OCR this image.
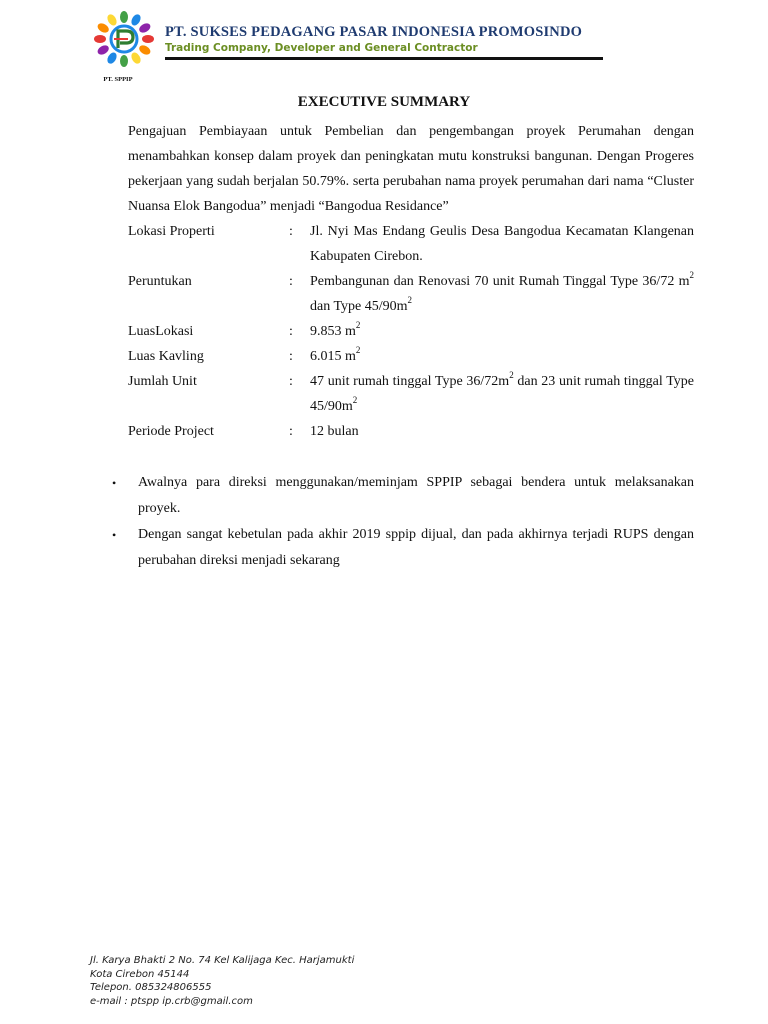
PT. SPPIP
PT. SUKSES PEDAGANG PASAR INDONESIA PROMOSINDO
Trading Company, Developer and General Contractor
EXECUTIVE SUMMARY

Pengajuan Pembiayaan untuk Pembelian dan pengembangan proyek Perumahan dengan menambahkan konsep dalam proyek dan peningkatan mutu konstruksi bangunan. Dengan Progeres pekerjaan yang sudah berjalan 50.79%. serta perubahan nama proyek perumahan dari nama “Cluster Nuansa Elok Bangodua” menjadi “Bangodua Residance”

Lokasi Properti	:	Jl. Nyi Mas Endang Geulis Desa Bangodua Kecamatan Klangenan Kabupaten Cirebon.
Peruntukan	:	Pembangunan dan Renovasi 70 unit Rumah Tinggal Type 36/72 $m^2$ dan Type $45/90m^2$
LuasLokasi	:	9.853 $m^2$
Luas Kavling	:	6.015 $m^2$
Jumlah Unit	:	47 unit rumah tinggal Type $36/72m^2$ dan 23 unit rumah tinggal Type $45/90m^2$
Periode Project	:	12 bulan
•	Awalnya para direksi menggunakan/meminjam SPPIP sebagai bendera untuk melaksanakan proyek.
•	Dengan sangat kebetulan pada akhir 2019 sppip dijual, dan pada akhirnya terjadi RUPS dengan perubahan direksi menjadi sekarang
Jl. Karya Bhakti 2 No. 74 Kel Kalijaga Kec. Harjamukti
Kota Cirebon 45144
Telepon. 085324806555
e-mail : ptspp ip.crb@gmail.com
